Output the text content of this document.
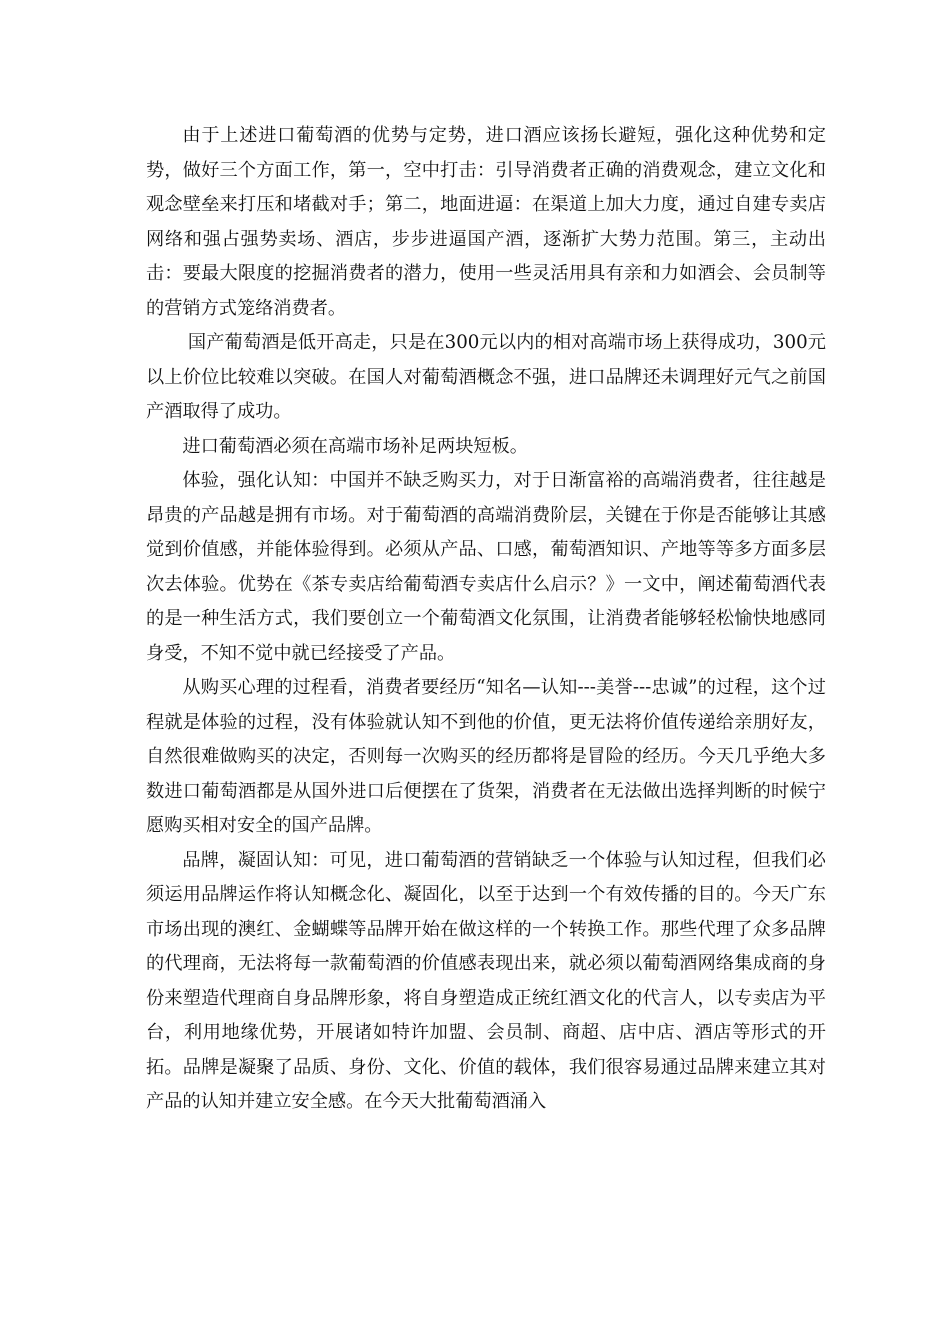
由于上述进口葡萄酒的优势与定势，进口酒应该扬长避短，强化这种优势和定势，做好三个方面工作，第一，空中打击：引导消费者正确的消费观念，建立文化和观念壁垒来打压和堵截对手；第二，地面进逼：在渠道上加大力度，通过自建专卖店网络和强占强势卖场、酒店，步步进逼国产酒，逐渐扩大势力范围。第三，主动出击：要最大限度的挖掘消费者的潜力，使用一些灵活用具有亲和力如酒会、会员制等的营销方式笼络消费者。

国产葡萄酒是低开高走，只是在300元以内的相对高端市场上获得成功，300元以上价位比较难以突破。在国人对葡萄酒概念不强，进口品牌还未调理好元气之前国产酒取得了成功。

进口葡萄酒必须在高端市场补足两块短板。

体验，强化认知：中国并不缺乏购买力，对于日渐富裕的高端消费者，往往越是昂贵的产品越是拥有市场。对于葡萄酒的高端消费阶层，关键在于你是否能够让其感觉到价值感，并能体验得到。必须从产品、口感，葡萄酒知识、产地等等多方面多层次去体验。优势在《茶专卖店给葡萄酒专卖店什么启示？》一文中，阐述葡萄酒代表的是一种生活方式，我们要创立一个葡萄酒文化氛围，让消费者能够轻松愉快地感同身受，不知不觉中就已经接受了产品。

从购买心理的过程看，消费者要经历“知名—认知---美誉---忠诚”的过程，这个过程就是体验的过程，没有体验就认知不到他的价值，更无法将价值传递给亲朋好友，自然很难做购买的决定，否则每一次购买的经历都将是冒险的经历。今天几乎绝大多数进口葡萄酒都是从国外进口后便摆在了货架，消费者在无法做出选择判断的时候宁愿购买相对安全的国产品牌。

品牌，凝固认知：可见，进口葡萄酒的营销缺乏一个体验与认知过程，但我们必须运用品牌运作将认知概念化、凝固化，以至于达到一个有效传播的目的。今天广东市场出现的澳红、金蝴蝶等品牌开始在做这样的一个转换工作。那些代理了众多品牌的代理商，无法将每一款葡萄酒的价值感表现出来，就必须以葡萄酒网络集成商的身份来塑造代理商自身品牌形象，将自身塑造成正统红酒文化的代言人，以专卖店为平台，利用地缘优势，开展诸如特许加盟、会员制、商超、店中店、酒店等形式的开拓。品牌是凝聚了品质、身份、文化、价值的载体，我们很容易通过品牌来建立其对产品的认知并建立安全感。在今天大批葡萄酒涌入
